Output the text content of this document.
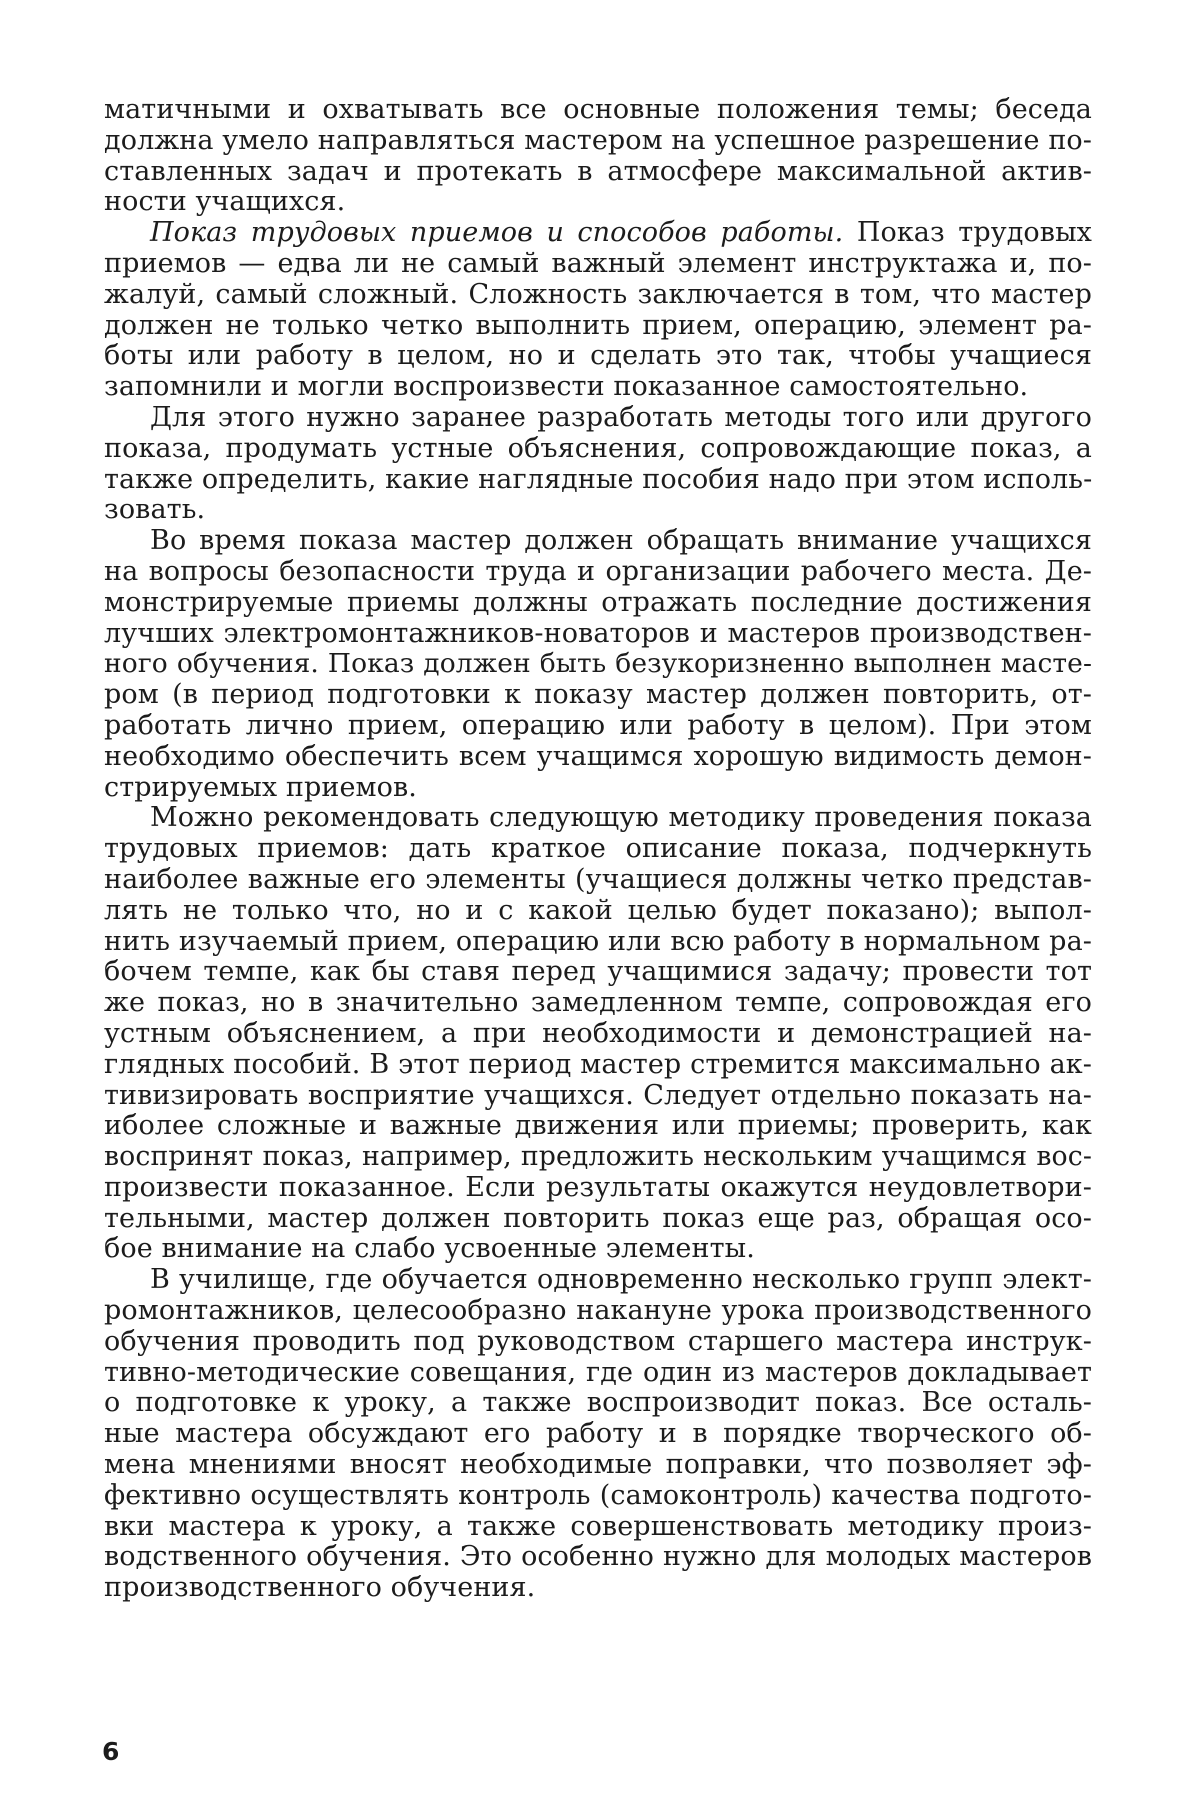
матичными и охватывать все основные положения темы; беседа
должна умело направляться мастером на успешное разрешение по-
ставленных задач и протекать в атмосфере максимальной актив-
ности учащихся.
Показ трудовых приемов и способов работы. Показ трудовых
приемов — едва ли не самый важный элемент инструктажа и, по-
жалуй, самый сложный. Сложность заключается в том, что мастер
должен не только четко выполнить прием, операцию, элемент ра-
боты или работу в целом, но и сделать это так, чтобы учащиеся
запомнили и могли воспроизвести показанное самостоятельно.
Для этого нужно заранее разработать методы того или другого
показа, продумать устные объяснения, сопровождающие показ, а
также определить, какие наглядные пособия надо при этом исполь-
зовать.
Во время показа мастер должен обращать внимание учащихся
на вопросы безопасности труда и организации рабочего места. Де-
монстрируемые приемы должны отражать последние достижения
лучших электромонтажников-новаторов и мастеров производствен-
ного обучения. Показ должен быть безукоризненно выполнен масте-
ром (в период подготовки к показу мастер должен повторить, от-
работать лично прием, операцию или работу в целом). При этом
необходимо обеспечить всем учащимся хорошую видимость демон-
стрируемых приемов.
Можно рекомендовать следующую методику проведения показа
трудовых приемов: дать краткое описание показа, подчеркнуть
наиболее важные его элементы (учащиеся должны четко представ-
лять не только что, но и с какой целью будет показано); выпол-
нить изучаемый прием, операцию или всю работу в нормальном ра-
бочем темпе, как бы ставя перед учащимися задачу; провести тот
же показ, но в значительно замедленном темпе, сопровождая его
устным объяснением, а при необходимости и демонстрацией на-
глядных пособий. В этот период мастер стремится максимально ак-
тивизировать восприятие учащихся. Следует отдельно показать на-
иболее сложные и важные движения или приемы; проверить, как
воспринят показ, например, предложить нескольким учащимся вос-
произвести показанное. Если результаты окажутся неудовлетвори-
тельными, мастер должен повторить показ еще раз, обращая осо-
бое внимание на слабо усвоенные элементы.
В училище, где обучается одновременно несколько групп элект-
ромонтажников, целесообразно накануне урока производственного
обучения проводить под руководством старшего мастера инструк-
тивно-методические совещания, где один из мастеров докладывает
о подготовке к уроку, а также воспроизводит показ. Все осталь-
ные мастера обсуждают его работу и в порядке творческого об-
мена мнениями вносят необходимые поправки, что позволяет эф-
фективно осуществлять контроль (самоконтроль) качества подгото-
вки мастера к уроку, а также совершенствовать методику произ-
водственного обучения. Это особенно нужно для молодых мастеров
производственного обучения.
6
